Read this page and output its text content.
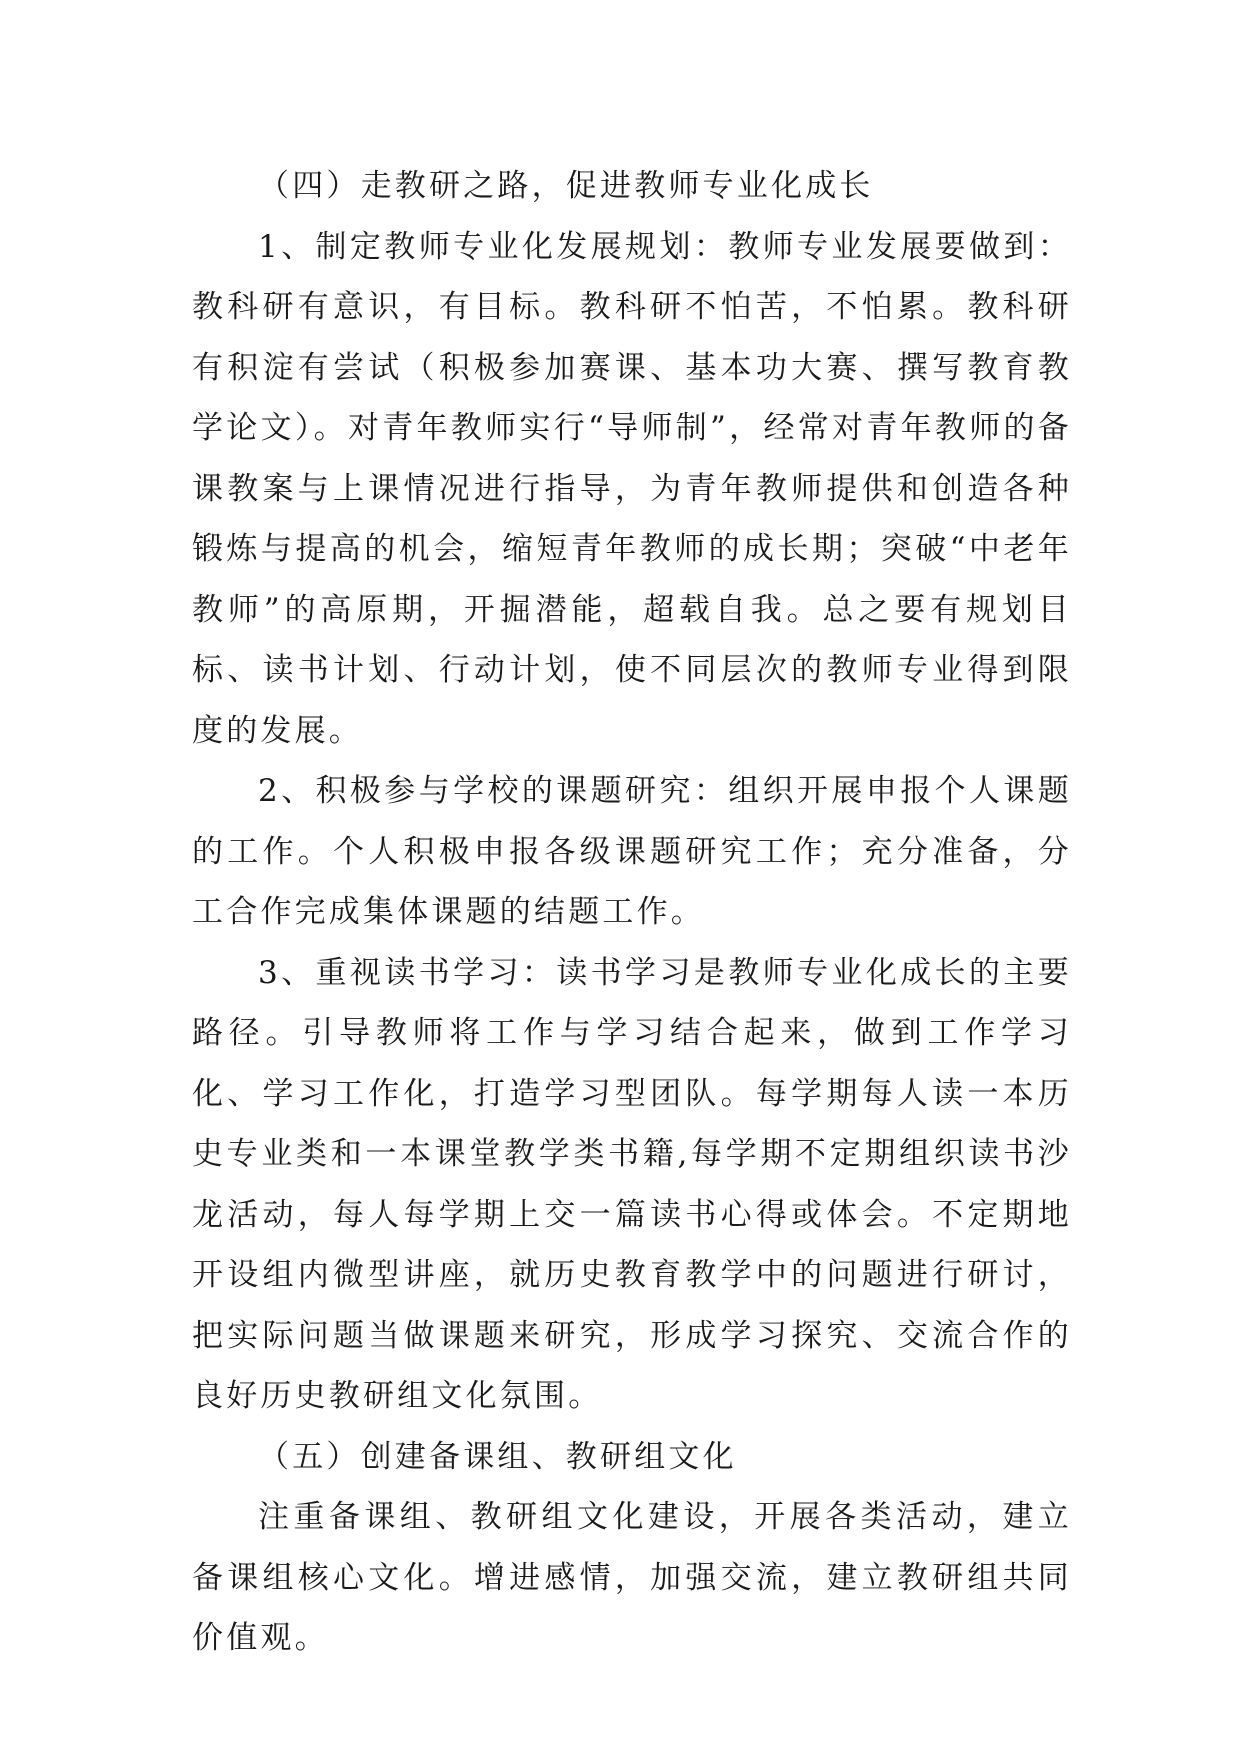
（四）走教研之路，促进教师专业化成长

1、制定教师专业化发展规划：教师专业发展要做到：教科研有意识，有目标。教科研不怕苦，不怕累。教科研有积淀有尝试（积极参加赛课、基本功大赛、撰写教育教学论文）。对青年教师实行“导师制”，经常对青年教师的备课教案与上课情况进行指导，为青年教师提供和创造各种锻炼与提高的机会，缩短青年教师的成长期；突破“中老年教师”的高原期，开掘潜能，超载自我。总之要有规划目标、读书计划、行动计划，使不同层次的教师专业得到限度的发展。

2、积极参与学校的课题研究：组织开展申报个人课题的工作。个人积极申报各级课题研究工作；充分准备，分工合作完成集体课题的结题工作。

3、重视读书学习：读书学习是教师专业化成长的主要路径。引导教师将工作与学习结合起来，做到工作学习化、学习工作化，打造学习型团队。每学期每人读一本历史专业类和一本课堂教学类书籍,每学期不定期组织读书沙龙活动，每人每学期上交一篇读书心得或体会。不定期地开设组内微型讲座，就历史教育教学中的问题进行研讨，把实际问题当做课题来研究，形成学习探究、交流合作的良好历史教研组文化氛围。

（五）创建备课组、教研组文化

注重备课组、教研组文化建设，开展各类活动，建立备课组核心文化。增进感情，加强交流，建立教研组共同价值观。
